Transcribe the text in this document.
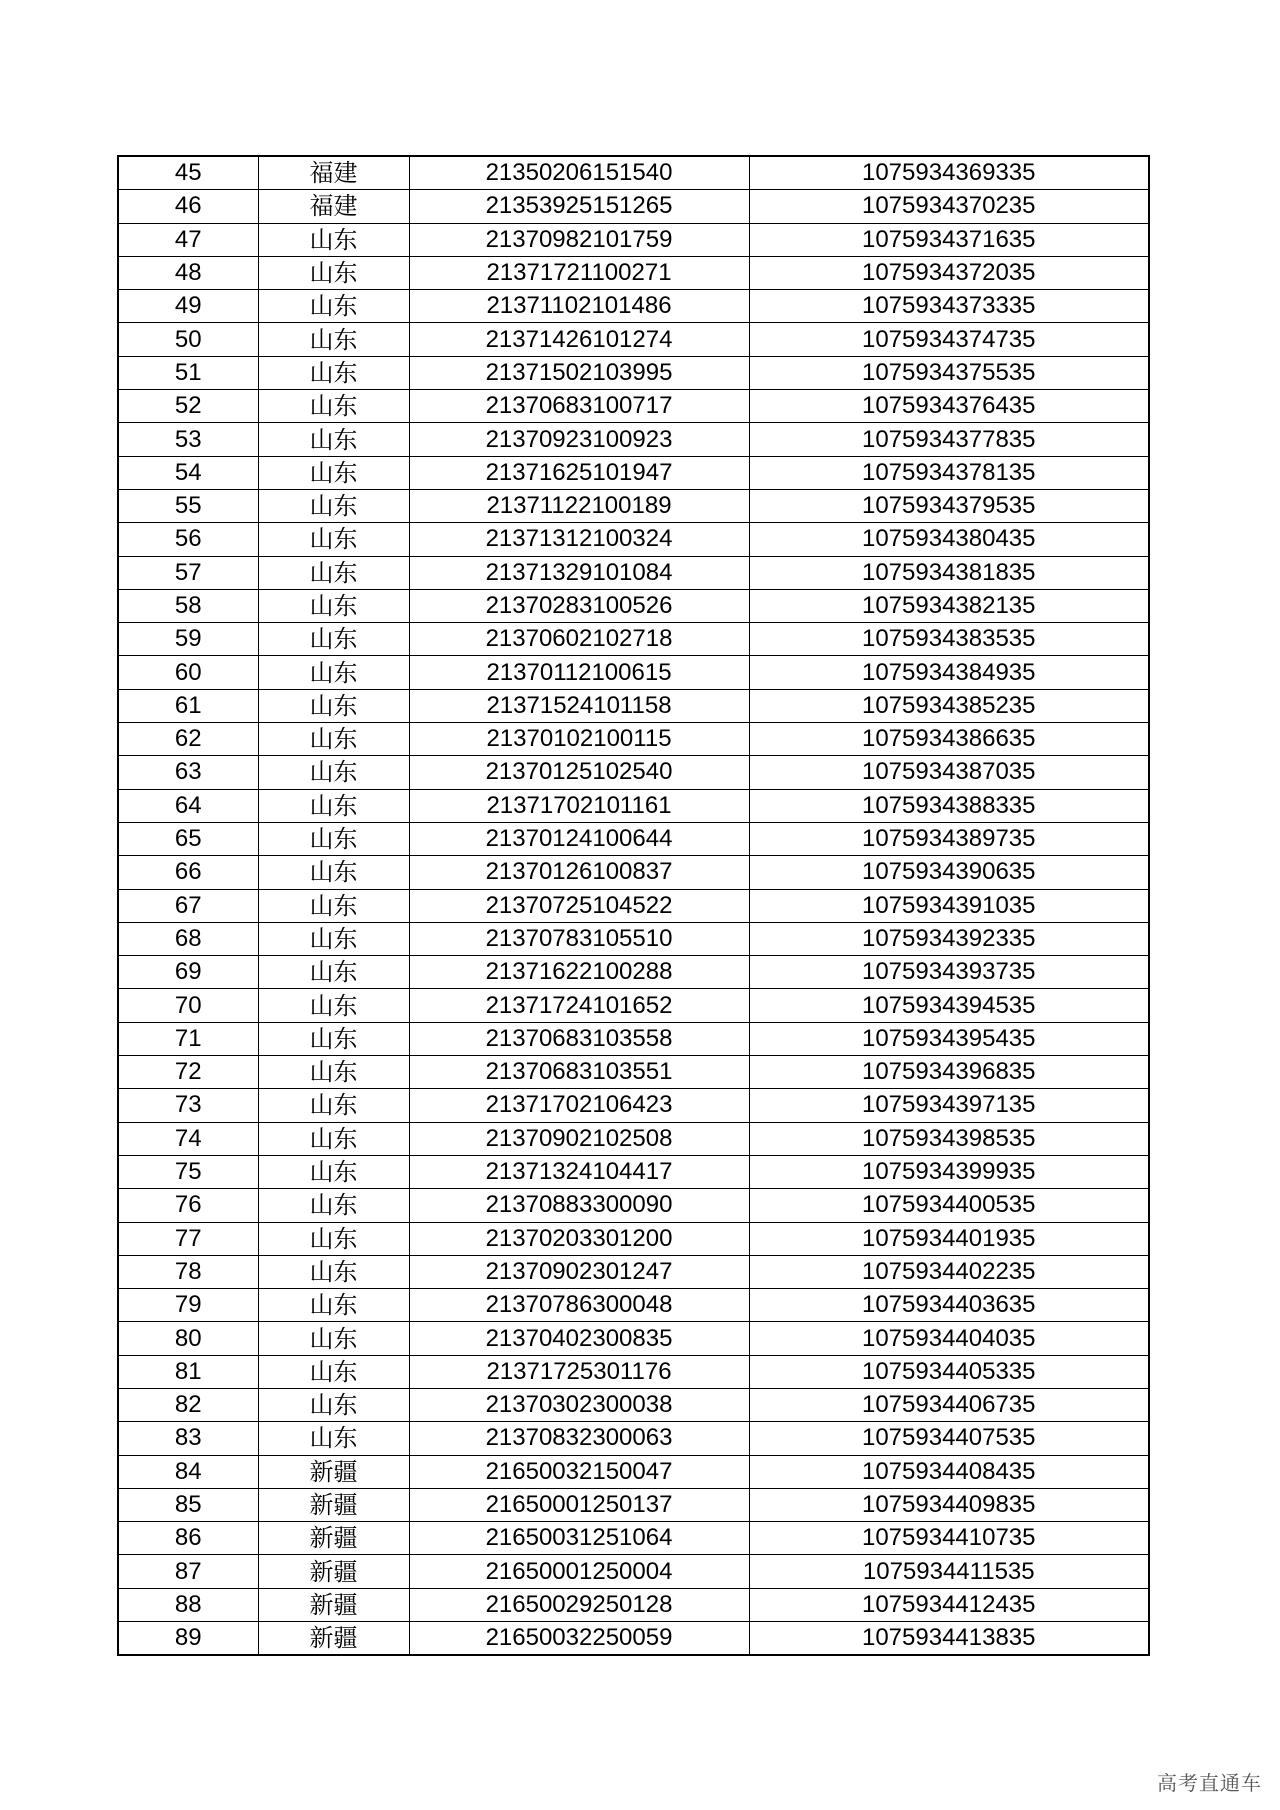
45	福建	21350206151540	1075934369335
46	福建	21353925151265	1075934370235
47	山东	21370982101759	1075934371635
48	山东	21371721100271	1075934372035
49	山东	21371102101486	1075934373335
50	山东	21371426101274	1075934374735
51	山东	21371502103995	1075934375535
52	山东	21370683100717	1075934376435
53	山东	21370923100923	1075934377835
54	山东	21371625101947	1075934378135
55	山东	21371122100189	1075934379535
56	山东	21371312100324	1075934380435
57	山东	21371329101084	1075934381835
58	山东	21370283100526	1075934382135
59	山东	21370602102718	1075934383535
60	山东	21370112100615	1075934384935
61	山东	21371524101158	1075934385235
62	山东	21370102100115	1075934386635
63	山东	21370125102540	1075934387035
64	山东	21371702101161	1075934388335
65	山东	21370124100644	1075934389735
66	山东	21370126100837	1075934390635
67	山东	21370725104522	1075934391035
68	山东	21370783105510	1075934392335
69	山东	21371622100288	1075934393735
70	山东	21371724101652	1075934394535
71	山东	21370683103558	1075934395435
72	山东	21370683103551	1075934396835
73	山东	21371702106423	1075934397135
74	山东	21370902102508	1075934398535
75	山东	21371324104417	1075934399935
76	山东	21370883300090	1075934400535
77	山东	21370203301200	1075934401935
78	山东	21370902301247	1075934402235
79	山东	21370786300048	1075934403635
80	山东	21370402300835	1075934404035
81	山东	21371725301176	1075934405335
82	山东	21370302300038	1075934406735
83	山东	21370832300063	1075934407535
84	新疆	21650032150047	1075934408435
85	新疆	21650001250137	1075934409835
86	新疆	21650031251064	1075934410735
87	新疆	21650001250004	1075934411535
88	新疆	21650029250128	1075934412435
89	新疆	21650032250059	1075934413835
高考直通车
